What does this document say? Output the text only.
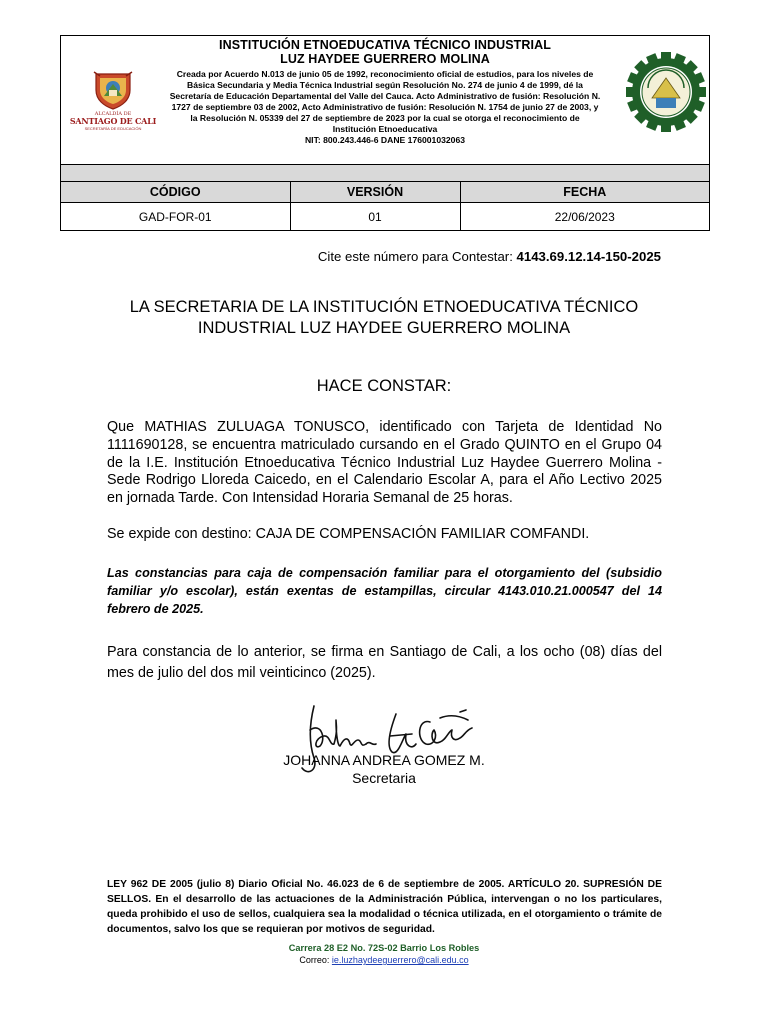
ALCALDÍA DE
SANTIAGO DE CALI
SECRETARÍA DE EDUCACIÓN
INSTITUCIÓN ETNOEDUCATIVA TÉCNICO INDUSTRIAL
LUZ HAYDEE GUERRERO MOLINA
Creada por Acuerdo N.013 de junio 05 de 1992, reconocimiento oficial de estudios, para los niveles de Básica Secundaria y Media Técnica Industrial según Resolución No. 274 de junio 4 de 1999, dé la Secretaría de Educación Departamental del Valle del Cauca. Acto Administrativo de fusión: Resolución N. 1727 de septiembre 03 de 2002, Acto Administrativo de fusión: Resolución N. 1754 de junio 27 de 2003, y la Resolución N. 05339 del 27 de septiembre de 2023 por la cual se otorga el reconocimiento de Institución Etnoeducativa
NIT: 800.243.446-6 DANE 176001032063
CÓDIGO	VERSIÓN	FECHA
GAD-FOR-01	01	22/06/2023
Cite este número para Contestar: 4143.69.12.14-150-2025
LA SECRETARIA DE LA INSTITUCIÓN ETNOEDUCATIVA TÉCNICO INDUSTRIAL LUZ HAYDEE GUERRERO MOLINA
HACE CONSTAR:
Que MATHIAS ZULUAGA TONUSCO, identificado con Tarjeta de Identidad No 1111690128, se encuentra matriculado cursando en el Grado QUINTO en el Grupo 04 de la I.E. Institución Etnoeducativa Técnico Industrial Luz Haydee Guerrero Molina - Sede Rodrigo Lloreda Caicedo, en el Calendario Escolar A, para el Año Lectivo 2025 en jornada Tarde. Con Intensidad Horaria Semanal de 25 horas.
Se expide con destino: CAJA DE COMPENSACIÓN FAMILIAR COMFANDI.
Las constancias para caja de compensación familiar para el otorgamiento del (subsidio familiar y/o escolar), están exentas de estampillas, circular 4143.010.21.000547 del 14 febrero de 2025.
Para constancia de lo anterior, se firma en Santiago de Cali, a los ocho (08) días del mes de julio del dos mil veinticinco (2025).
JOHANNA ANDREA GOMEZ M.
Secretaria
LEY 962 DE 2005 (julio 8) Diario Oficial No. 46.023 de 6 de septiembre de 2005. ARTÍCULO 20. SUPRESIÓN DE SELLOS. En el desarrollo de las actuaciones de la Administración Pública, intervengan o no los particulares, queda prohibido el uso de sellos, cualquiera sea la modalidad o técnica utilizada, en el otorgamiento o trámite de documentos, salvo los que se requieran por motivos de seguridad.
Carrera 28 E2 No. 72S-02 Barrio Los Robles
Correo: ie.luzhaydeeguerrero@cali.edu.co
